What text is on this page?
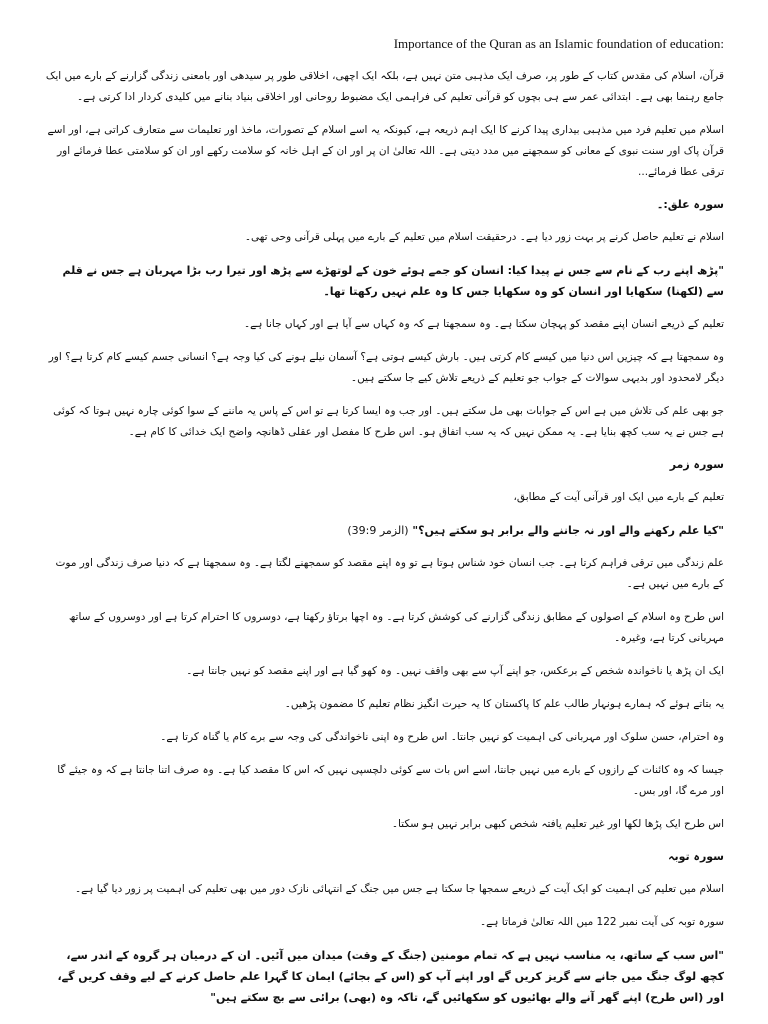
Importance of the Quran as an Islamic foundation of education:
قرآن، اسلام کی مقدس کتاب کے طور پر، صرف ایک مذہبی متن نہیں ہے، بلکہ ایک اچھی، اخلاقی طور پر سیدھی اور بامعنی زندگی گزارنے کے بارے میں ایک جامع رہنما بھی ہے۔ ابتدائی عمر سے ہی بچوں کو قرآنی تعلیم کی فراہمی ایک مضبوط روحانی اور اخلاقی بنیاد بنانے میں کلیدی کردار ادا کرتی ہے۔
اسلام میں تعلیم فرد میں مذہبی بیداری پیدا کرنے کا ایک اہم ذریعہ ہے، کیونکہ یہ اسے اسلام کے تصورات، ماخذ اور تعلیمات سے متعارف کراتی ہے، اور اسے قرآن پاک اور سنت نبوی کے معانی کو سمجھنے میں مدد دیتی ہے۔ اللہ تعالیٰ ان پر اور ان کے اہل خانہ کو سلامت رکھے اور ان کو سلامتی عطا فرمائے اور ترقی عطا فرمائے...
سورہ علق:۔
اسلام نے تعلیم حاصل کرنے پر بہت زور دیا ہے۔ درحقیقت اسلام میں تعلیم کے بارے میں پہلی قرآنی وحی تھی۔
"پڑھ اپنے رب کے نام سے جس نے پیدا کیا: انسان کو جمے ہوئے خون کے لوتھڑے سے پڑھ اور تیرا رب بڑا مہربان ہے جس نے قلم سے (لکھنا) سکھایا اور انسان کو وہ سکھایا جس کا وہ علم نہیں رکھتا تھا۔
تعلیم کے ذریعے انسان اپنے مقصد کو پہچان سکتا ہے۔ وہ سمجھتا ہے کہ وہ کہاں سے آیا ہے اور کہاں جانا ہے۔
وہ سمجھتا ہے کہ چیزیں اس دنیا میں کیسے کام کرتی ہیں۔ بارش کیسے ہوتی ہے؟ آسمان نیلے ہونے کی کیا وجہ ہے؟ انسانی جسم کیسے کام کرتا ہے؟ اور دیگر لامحدود اور بدیہی سوالات کے جواب جو تعلیم کے ذریعے تلاش کیے جا سکتے ہیں۔
جو بھی علم کی تلاش میں ہے اس کے جوابات بھی مل سکتے ہیں۔ اور جب وہ ایسا کرتا ہے تو اس کے پاس یہ ماننے کے سوا کوئی چارہ نہیں ہوتا کہ کوئی ہے جس نے یہ سب کچھ بنایا ہے۔ یہ ممکن نہیں کہ یہ سب اتفاق ہو۔ اس طرح کا مفصل اور عقلی ڈھانچہ واضح ایک خدائی کا کام ہے۔
سورہ زمر
تعلیم کے بارے میں ایک اور قرآنی آیت کے مطابق،
"کیا علم رکھنے والے اور نہ جاننے والے برابر ہو سکتے ہیں؟" (الزمر 39:9)
علم زندگی میں ترقی فراہم کرتا ہے۔ جب انسان خود شناس ہوتا ہے تو وہ اپنے مقصد کو سمجھنے لگتا ہے۔ وہ سمجھتا ہے کہ دنیا صرف زندگی اور موت کے بارے میں نہیں ہے۔
اس طرح وہ اسلام کے اصولوں کے مطابق زندگی گزارنے کی کوشش کرتا ہے۔ وہ اچھا برتاؤ رکھتا ہے، دوسروں کا احترام کرتا ہے اور دوسروں کے ساتھ مہربانی کرتا ہے، وغیرہ۔
ایک ان پڑھ یا ناخواندہ شخص کے برعکس، جو اپنے آپ سے بھی واقف نہیں۔ وہ کھو گیا ہے اور اپنے مقصد کو نہیں جانتا ہے۔
یہ بتاتے ہوئے کہ ہمارے ہونہار طالب علم کا پاکستان کا یہ حیرت انگیز نظام تعلیم کا مضمون پڑھیں۔
وہ احترام، حسن سلوک اور مہربانی کی اہمیت کو نہیں جانتا۔ اس طرح وہ اپنی ناخواندگی کی وجہ سے برے کام یا گناہ کرتا ہے۔
جیسا کہ وہ کائنات کے رازوں کے بارے میں نہیں جانتا، اسے اس بات سے کوئی دلچسپی نہیں کہ اس کا مقصد کیا ہے۔ وہ صرف اتنا جانتا ہے کہ وہ جیئے گا اور مرے گا، اور بس۔
اس طرح ایک پڑھا لکھا اور غیر تعلیم یافتہ شخص کبھی برابر نہیں ہو سکتا۔
سورہ توبہ
اسلام میں تعلیم کی اہمیت کو ایک آیت کے ذریعے سمجھا جا سکتا ہے جس میں جنگ کے انتہائی نازک دور میں بھی تعلیم کی اہمیت پر زور دیا گیا ہے۔
سورہ توبہ کی آیت نمبر 122 میں اللہ تعالیٰ فرماتا ہے۔
"اس سب کے ساتھ، یہ مناسب نہیں ہے کہ تمام مومنین (جنگ کے وقت) میدان میں آئیں۔ ان کے درمیان ہر گروہ کے اندر سے، کچھ لوگ جنگ میں جانے سے گریز کریں گے اور اپنے آپ کو (اس کے بجائے) ایمان کا گہرا علم حاصل کرنے کے لیے وقف کریں گے، اور (اس طرح) اپنے گھر آنے والے بھائیوں کو سکھائیں گے، تاکہ وہ (بھی) برائی سے بچ سکتے ہیں"
